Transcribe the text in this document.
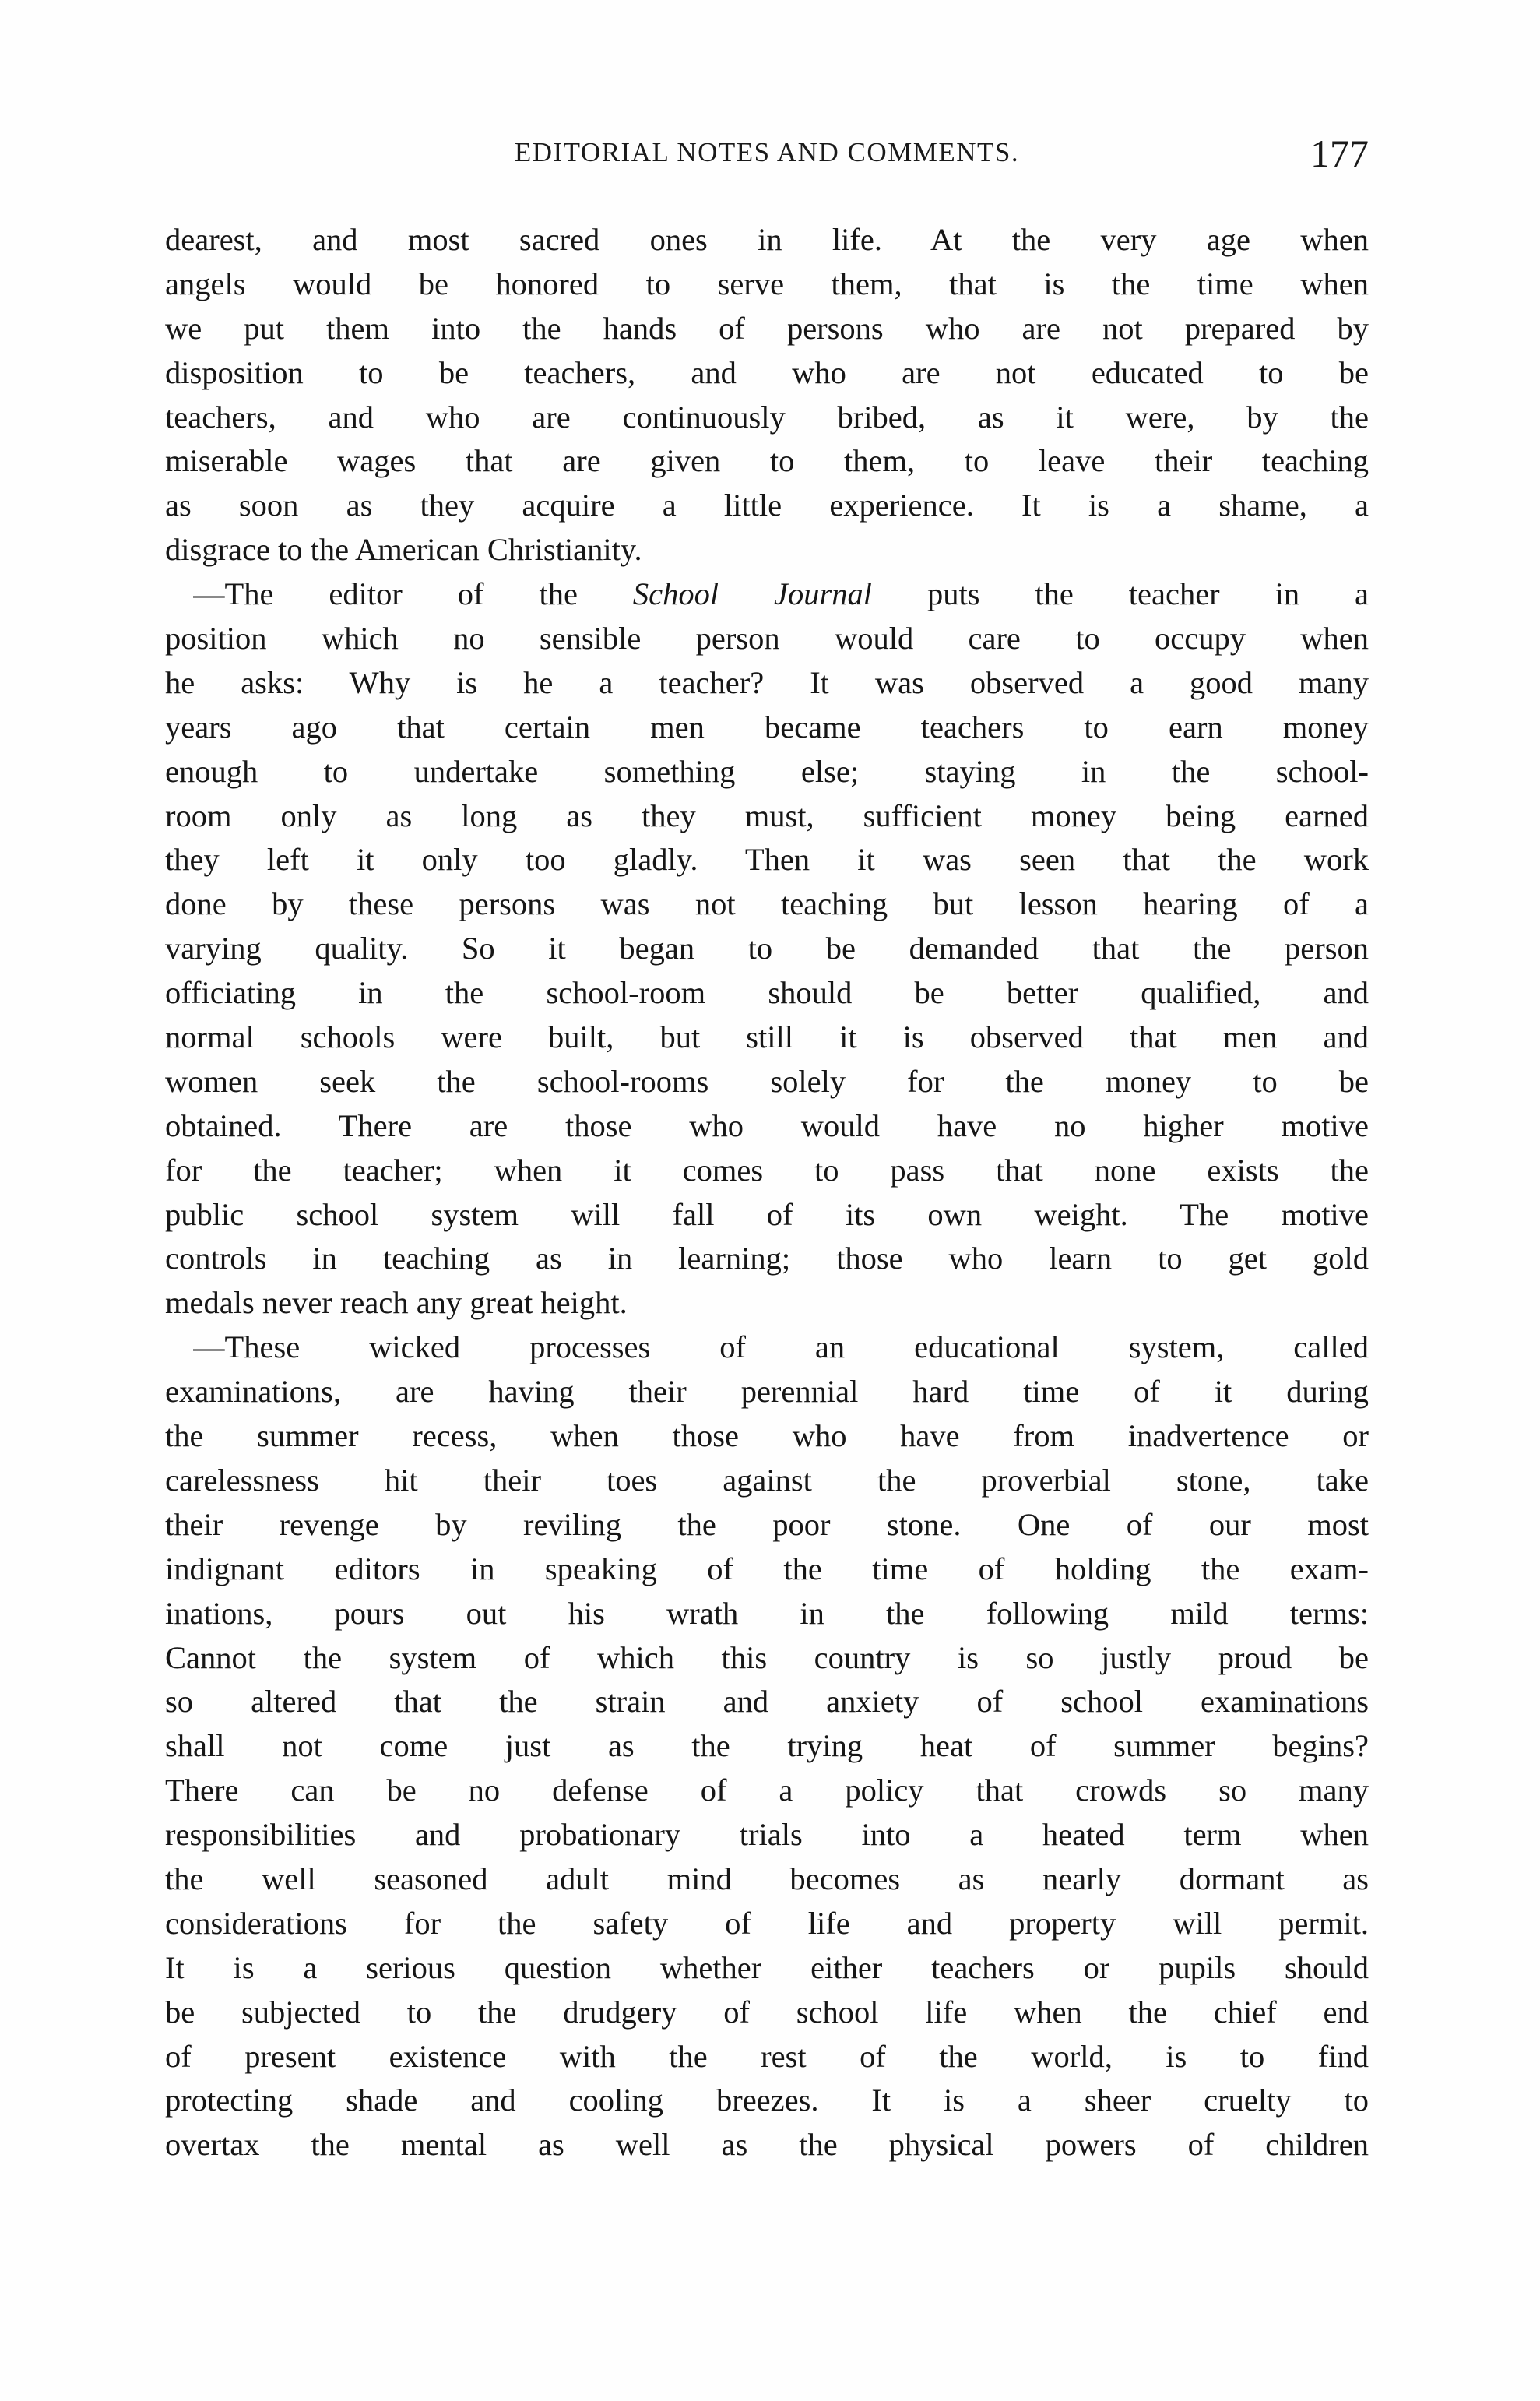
EDITORIAL NOTES AND COMMENTS.	177

dearest, and most sacred ones in life. At the very age when
angels would be honored to serve them, that is the time when
we put them into the hands of persons who are not prepared by
disposition to be teachers, and who are not educated to be
teachers, and who are continuously bribed, as it were, by the
miserable wages that are given to them, to leave their teaching
as soon as they acquire a little experience. It is a shame, a
disgrace to the American Christianity.

—The editor of the School Journal puts the teacher in a
position which no sensible person would care to occupy when
he asks: Why is he a teacher? It was observed a good many
years ago that certain men became teachers to earn money
enough to undertake something else; staying in the school-
room only as long as they must, sufficient money being earned
they left it only too gladly. Then it was seen that the work
done by these persons was not teaching but lesson hearing of a
varying quality. So it began to be demanded that the person
officiating in the school-room should be better qualified, and
normal schools were built, but still it is observed that men and
women seek the school-rooms solely for the money to be
obtained. There are those who would have no higher motive
for the teacher; when it comes to pass that none exists the
public school system will fall of its own weight. The motive
controls in teaching as in learning; those who learn to get gold
medals never reach any great height.

—These wicked processes of an educational system, called
examinations, are having their perennial hard time of it during
the summer recess, when those who have from inadvertence or
carelessness hit their toes against the proverbial stone, take
their revenge by reviling the poor stone. One of our most
indignant editors in speaking of the time of holding the exam-
inations, pours out his wrath in the following mild terms:
Cannot the system of which this country is so justly proud be
so altered that the strain and anxiety of school examinations
shall not come just as the trying heat of summer begins?
There can be no defense of a policy that crowds so many
responsibilities and probationary trials into a heated term when
the well seasoned adult mind becomes as nearly dormant as
considerations for the safety of life and property will permit.
It is a serious question whether either teachers or pupils should
be subjected to the drudgery of school life when the chief end
of present existence with the rest of the world, is to find
protecting shade and cooling breezes. It is a sheer cruelty to
overtax the mental as well as the physical powers of children
